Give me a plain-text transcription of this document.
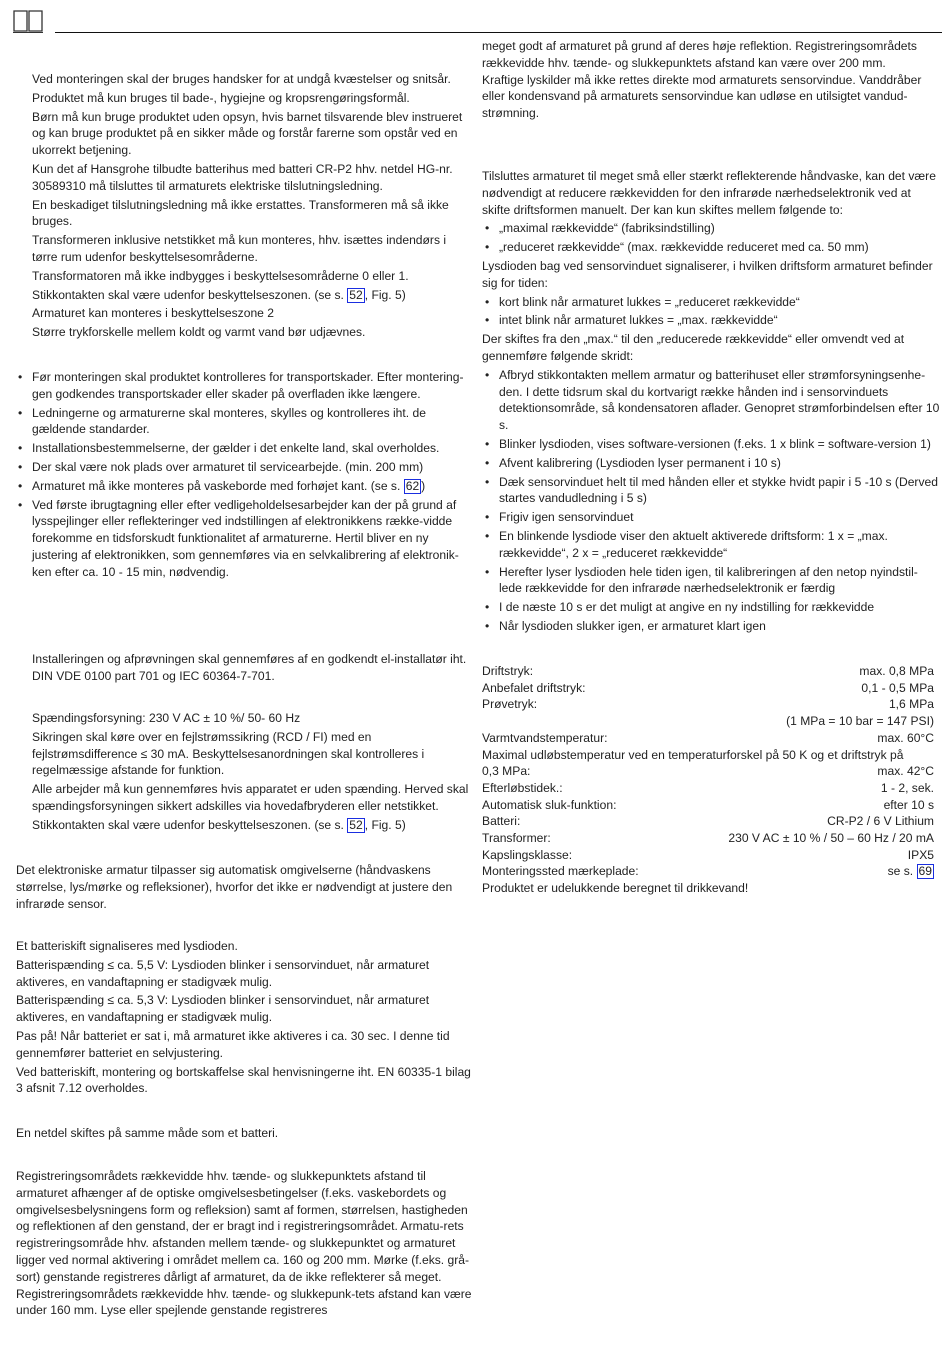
Ved monteringen skal der bruges handsker for at undgå kvæstelser og snitsår.

Produktet må kun bruges til bade-, hygiejne og kropsrengøringsformål.

Børn må kun bruge produktet uden opsyn, hvis barnet tilsvarende blev instrueret og kan bruge produktet på en sikker måde og forstår farerne som opstår ved en ukorrekt betjening.

Kun det af Hansgrohe tilbudte batterihus med batteri CR-P2 hhv. netdel HG-nr. 30589310 må tilsluttes til armaturets elektriske tilslutningsledning.

En beskadiget tilslutningsledning må ikke erstattes. Transformeren må så ikke bruges.

Transformeren inklusive netstikket må kun monteres, hhv. isættes indendørs i tørre rum udenfor beskyttelsesområderne.

Transformatoren må ikke indbygges i beskyttelsesområderne 0 eller 1.

Stikkontakten skal være udenfor beskyttelseszonen. (se s. 52 , Fig. 5)

Armaturet kan monteres i beskyttelseszone 2

Større trykforskelle mellem koldt og varmt vand bør udjævnes.

• Før monteringen skal produktet kontrolleres for transportskader. Efter montering-gen godkendes transportskader eller skader på overfladen ikke længere.
• Ledningerne og armaturerne skal monteres, skylles og kontrolleres iht. de gældende standarder.
• Installationsbestemmelserne, der gælder i det enkelte land, skal overholdes.
• Der skal være nok plads over armaturet til servicearbejde. (min. 200 mm)
• Armaturet må ikke monteres på vaskeborde med forhøjet kant. (se s. 62 )
• Ved første ibrugtagning eller efter vedligeholdelsesarbejder kan der på grund af lysspejlinger eller reflekteringer ved indstillingen af elektronikkens række-vidde forekomme en tidsforskudt funktionalitet af armaturerne. Hertil bliver en ny justering af elektronikken, som gennemføres via en selvkalibrering af elektronik-ken efter ca. 10 - 15 min, nødvendig.

Installeringen og afprøvningen skal gennemføres af en godkendt el-installatør iht. DIN VDE 0100 part 701 og IEC 60364-7-701.

Spændingsforsyning: 230 V AC ± 10 %/ 50- 60 Hz

Sikringen skal køre over en fejlstrømssikring (RCD / FI) med en fejlstrømsdifference ≤ 30 mA. Beskyttelsesanordningen skal kontrolleres i regelmæssige afstande for funktion.

Alle arbejder må kun gennemføres hvis apparatet er uden spænding. Herved skal spændingsforsyningen sikkert adskilles via hovedafbryderen eller netstikket.

Stikkontakten skal være udenfor beskyttelseszonen. (se s. 52 , Fig. 5)

Det elektroniske armatur tilpasser sig automatisk omgivelserne (håndvaskens størrelse, lys/mørke og refleksioner), hvorfor det ikke er nødvendigt at justere den infrarøde sensor.

Et batteriskift signaliseres med lysdioden.

Batterispænding ≤ ca. 5,5 V: Lysdioden blinker i sensorvinduet, når armaturet aktiveres, en vandaftapning er stadigvæk mulig.

Batterispænding ≤ ca. 5,3 V: Lysdioden blinker i sensorvinduet, når armaturet aktiveres, en vandaftapning er stadigvæk mulig.

Pas på! Når batteriet er sat i, må armaturet ikke aktiveres i ca. 30 sec. I denne tid gennemfører batteriet en selvjustering.

Ved batteriskift, montering og bortskaffelse skal henvisningerne iht. EN 60335-1 bilag 3 afsnit 7.12 overholdes.

En netdel skiftes på samme måde som et batteri.

Registreringsområdets rækkevidde hhv. tænde- og slukkepunktets afstand til armaturet afhænger af de optiske omgivelsesbetingelser (f.eks. vaskebordets og omgivelsesbelysningens form og refleksion) samt af formen, størrelsen, hastigheden og reflektionen af den genstand, der er bragt ind i registreringsområdet. Armatu-rets registreringsområde hhv. afstanden mellem tænde- og slukkepunktet og armaturet ligger ved normal aktivering i området mellem ca. 160 og 200 mm. Mørke (f.eks. grå-sort) genstande registreres dårligt af armaturet, da de ikke reflekterer så meget. Registreringsområdets rækkevidde hhv. tænde- og slukkepunk-tets afstand kan være under 160 mm. Lyse eller spejlende genstande registreres

meget godt af armaturet på grund af deres høje reflektion. Registreringsområdets rækkevidde hhv. tænde- og slukkepunktets afstand kan være over 200 mm.

Kraftige lyskilder må ikke rettes direkte mod armaturets sensorvindue. Vanddråber eller kondensvand på armaturets sensorvindue kan udløse en utilsigtet vandud-strømning.

Tilsluttes armaturet til meget små eller stærkt reflekterende håndvaske, kan det være nødvendigt at reducere rækkevidden for den infrarøde nærhedselektronik ved at skifte driftsformen manuelt. Der kan kun skiftes mellem følgende to:

• „maximal rækkevidde“ (fabriksindstilling)
• „reduceret rækkevidde“ (max. rækkevidde reduceret med ca. 50 mm)

Lysdioden bag ved sensorvinduet signaliserer, i hvilken driftsform armaturet befinder sig for tiden:

• kort blink når armaturet lukkes = „reduceret rækkevidde“
• intet blink når armaturet lukkes = „max. rækkevidde“

Der skiftes fra den „max.“ til den „reducerede rækkevidde“ eller omvendt ved at gennemføre følgende skridt:

• Afbryd stikkontakten mellem armatur og batterihuset eller strømforsyningsenhe-den. I dette tidsrum skal du kortvarigt række hånden ind i sensorvinduets detektionsområde, så kondensatoren aflader. Genopret strømforbindelsen efter 10 s.
• Blinker lysdioden, vises software-versionen (f.eks. 1 x blink = software-version 1)
• Afvent kalibrering (Lysdioden lyser permanent i 10 s)
• Dæk sensorvinduet helt til med hånden eller et stykke hvidt papir i 5 -10 s (Derved startes vandudledning i 5 s)
• Frigiv igen sensorvinduet
• En blinkende lysdiode viser den aktuelt aktiverede driftsform: 1 x = „max. rækkevidde“, 2 x = „reduceret rækkevidde“
• Herefter lyser lysdioden hele tiden igen, til kalibreringen af den netop nyindstil-lede rækkevidde for den infrarøde nærhedselektronik er færdig
• I de næste 10 s er det muligt at angive en ny indstilling for rækkevidde
• Når lysdioden slukker igen, er armaturet klart igen
Driftstryk:	max. 0,8 MPa
Anbefalet driftstryk:	0,1 - 0,5 MPa
Prøvetryk:	1,6 MPa
(1 MPa = 10 bar = 147 PSI)
Varmtvandstemperatur:	max. 60°C
Maximal udløbstemperatur ved en temperaturforskel på 50 K og et driftstryk på
0,3 MPa:	max. 42°C
Efterløbstidek.:	1 - 2, sek.
Automatisk sluk-funktion:	efter 10 s
Batteri:	CR-P2 / 6 V Lithium
Transformer:	230 V AC ± 10 % / 50 – 60 Hz / 20 mA
Kapslingsklasse:	IPX5
Monteringssted mærkeplade:	se s. 69
Produktet er udelukkende beregnet til drikkevand!
